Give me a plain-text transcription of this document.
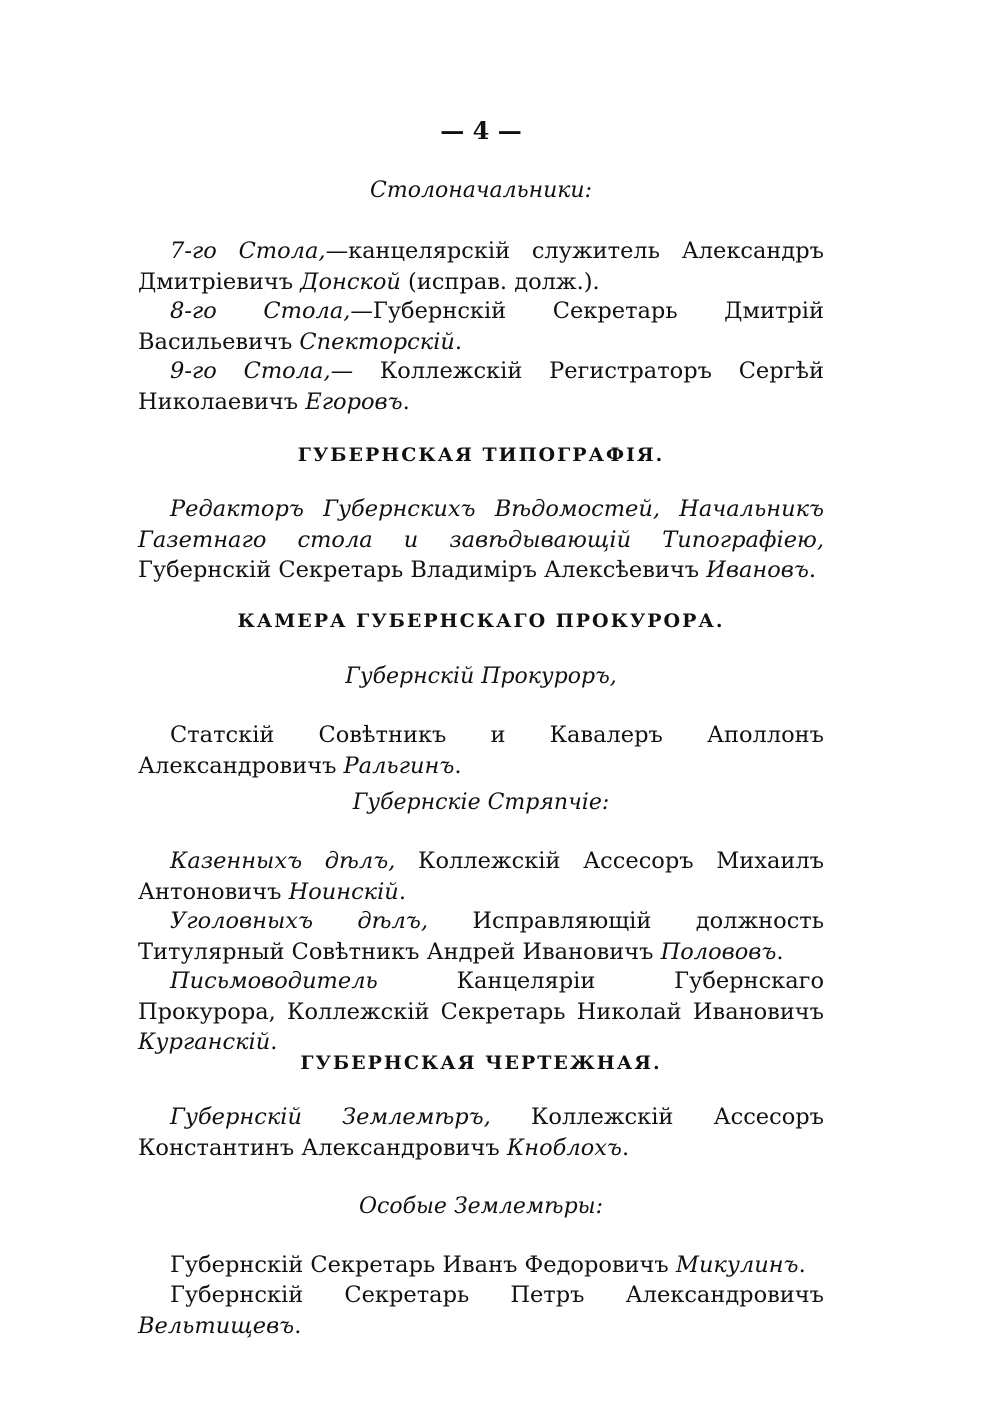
— 4 —
Столоначальники:

7-го Стола,—канцелярскій служитель Александръ Дмитріевичъ Донской (исправ. долж.).

8-го Стола,—Губернскій Секретарь Дмитрій Васильевичъ Спекторскій.

9-го Стола,— Коллежскій Регистраторъ Сергѣй Николаевичъ Егоровъ.

ГУБЕРНСКАЯ ТИПОГРАФІЯ.

Редакторъ Губернскихъ Вѣдомостей, Начальникъ Газетнаго стола и завѣдывающій Типографіею, Губернскій Секретарь Владиміръ Алексѣевичъ Ивановъ.

КАМЕРА ГУБЕРНСКАГО ПРОКУРОРА.
Губернскій Прокуроръ,

Статскій Совѣтникъ и Кавалеръ Аполлонъ Александровичъ Ральгинъ.

Губернскіе Стряпчіе:

Казенныхъ дѣлъ, Коллежскій Ассесоръ Михаилъ Антоновичъ Ноинскій.

Уголовныхъ дѣлъ, Исправляющій должность Титулярный Совѣтникъ Андрей Ивановичъ Полововъ.

Письмоводитель Канцеляріи Губернскаго Прокурора, Коллежскій Секретарь Николай Ивановичъ Курганскій.

ГУБЕРНСКАЯ ЧЕРТЕЖНАЯ.

Губернскій Землемѣръ, Коллежскій Ассесоръ Константинъ Александровичъ Кноблохъ.

Особые Землемѣры:

Губернскій Секретарь Иванъ Федоровичъ Микулинъ.

Губернскій Секретарь Петръ Александровичъ Вельтищевъ.
